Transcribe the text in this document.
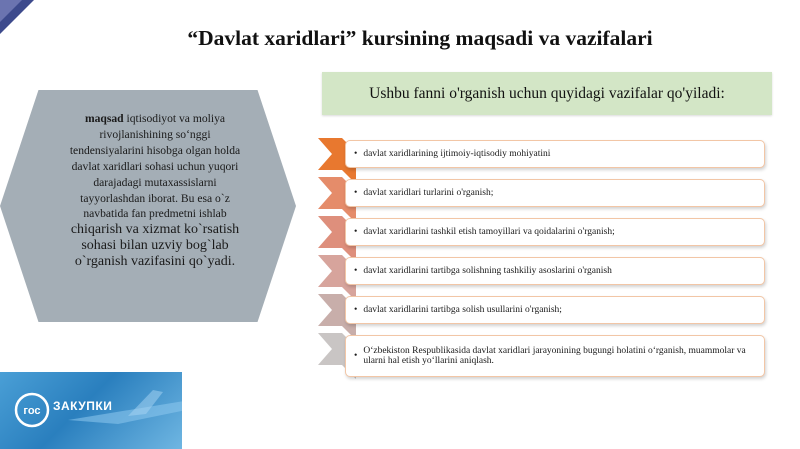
“Davlat xaridlari” kursining maqsadi va vazifalari
maqsad iqtisodiyot va moliya
rivojlanishining so‘nggi
tendensiyalarini hisobga olgan holda
davlat xaridlari sohasi uchun yuqori
darajadagi mutaxassislarni
tayyorlashdan iborat. Bu esa o`z
navbatida fan predmetni ishlab
chiqarish va xizmat ko`rsatish
sohasi bilan uzviy bog`lab
o`rganish vazifasini qo`yadi.
Ushbu fanni o'rganish uchun quyidagi vazifalar qo'yiladi:
• davlat xaridlarining ijtimoiy-iqtisodiy mohiyatini
• davlat xaridlari turlarini o'rganish;
• davlat xaridlarini tashkil etish tamoyillari va qoidalarini o'rganish;
• davlat xaridlarini tartibga solishning tashkiliy asoslarini o'rganish
• davlat xaridlarini tartibga solish usullarini o'rganish;
• O‘zbekiston Respublikasida davlat xaridlari jarayonining bugungi holatini o‘rganish, muammolar va ularni hal etish yo‘llarini aniqlash.
гос ЗАКУПКИ
